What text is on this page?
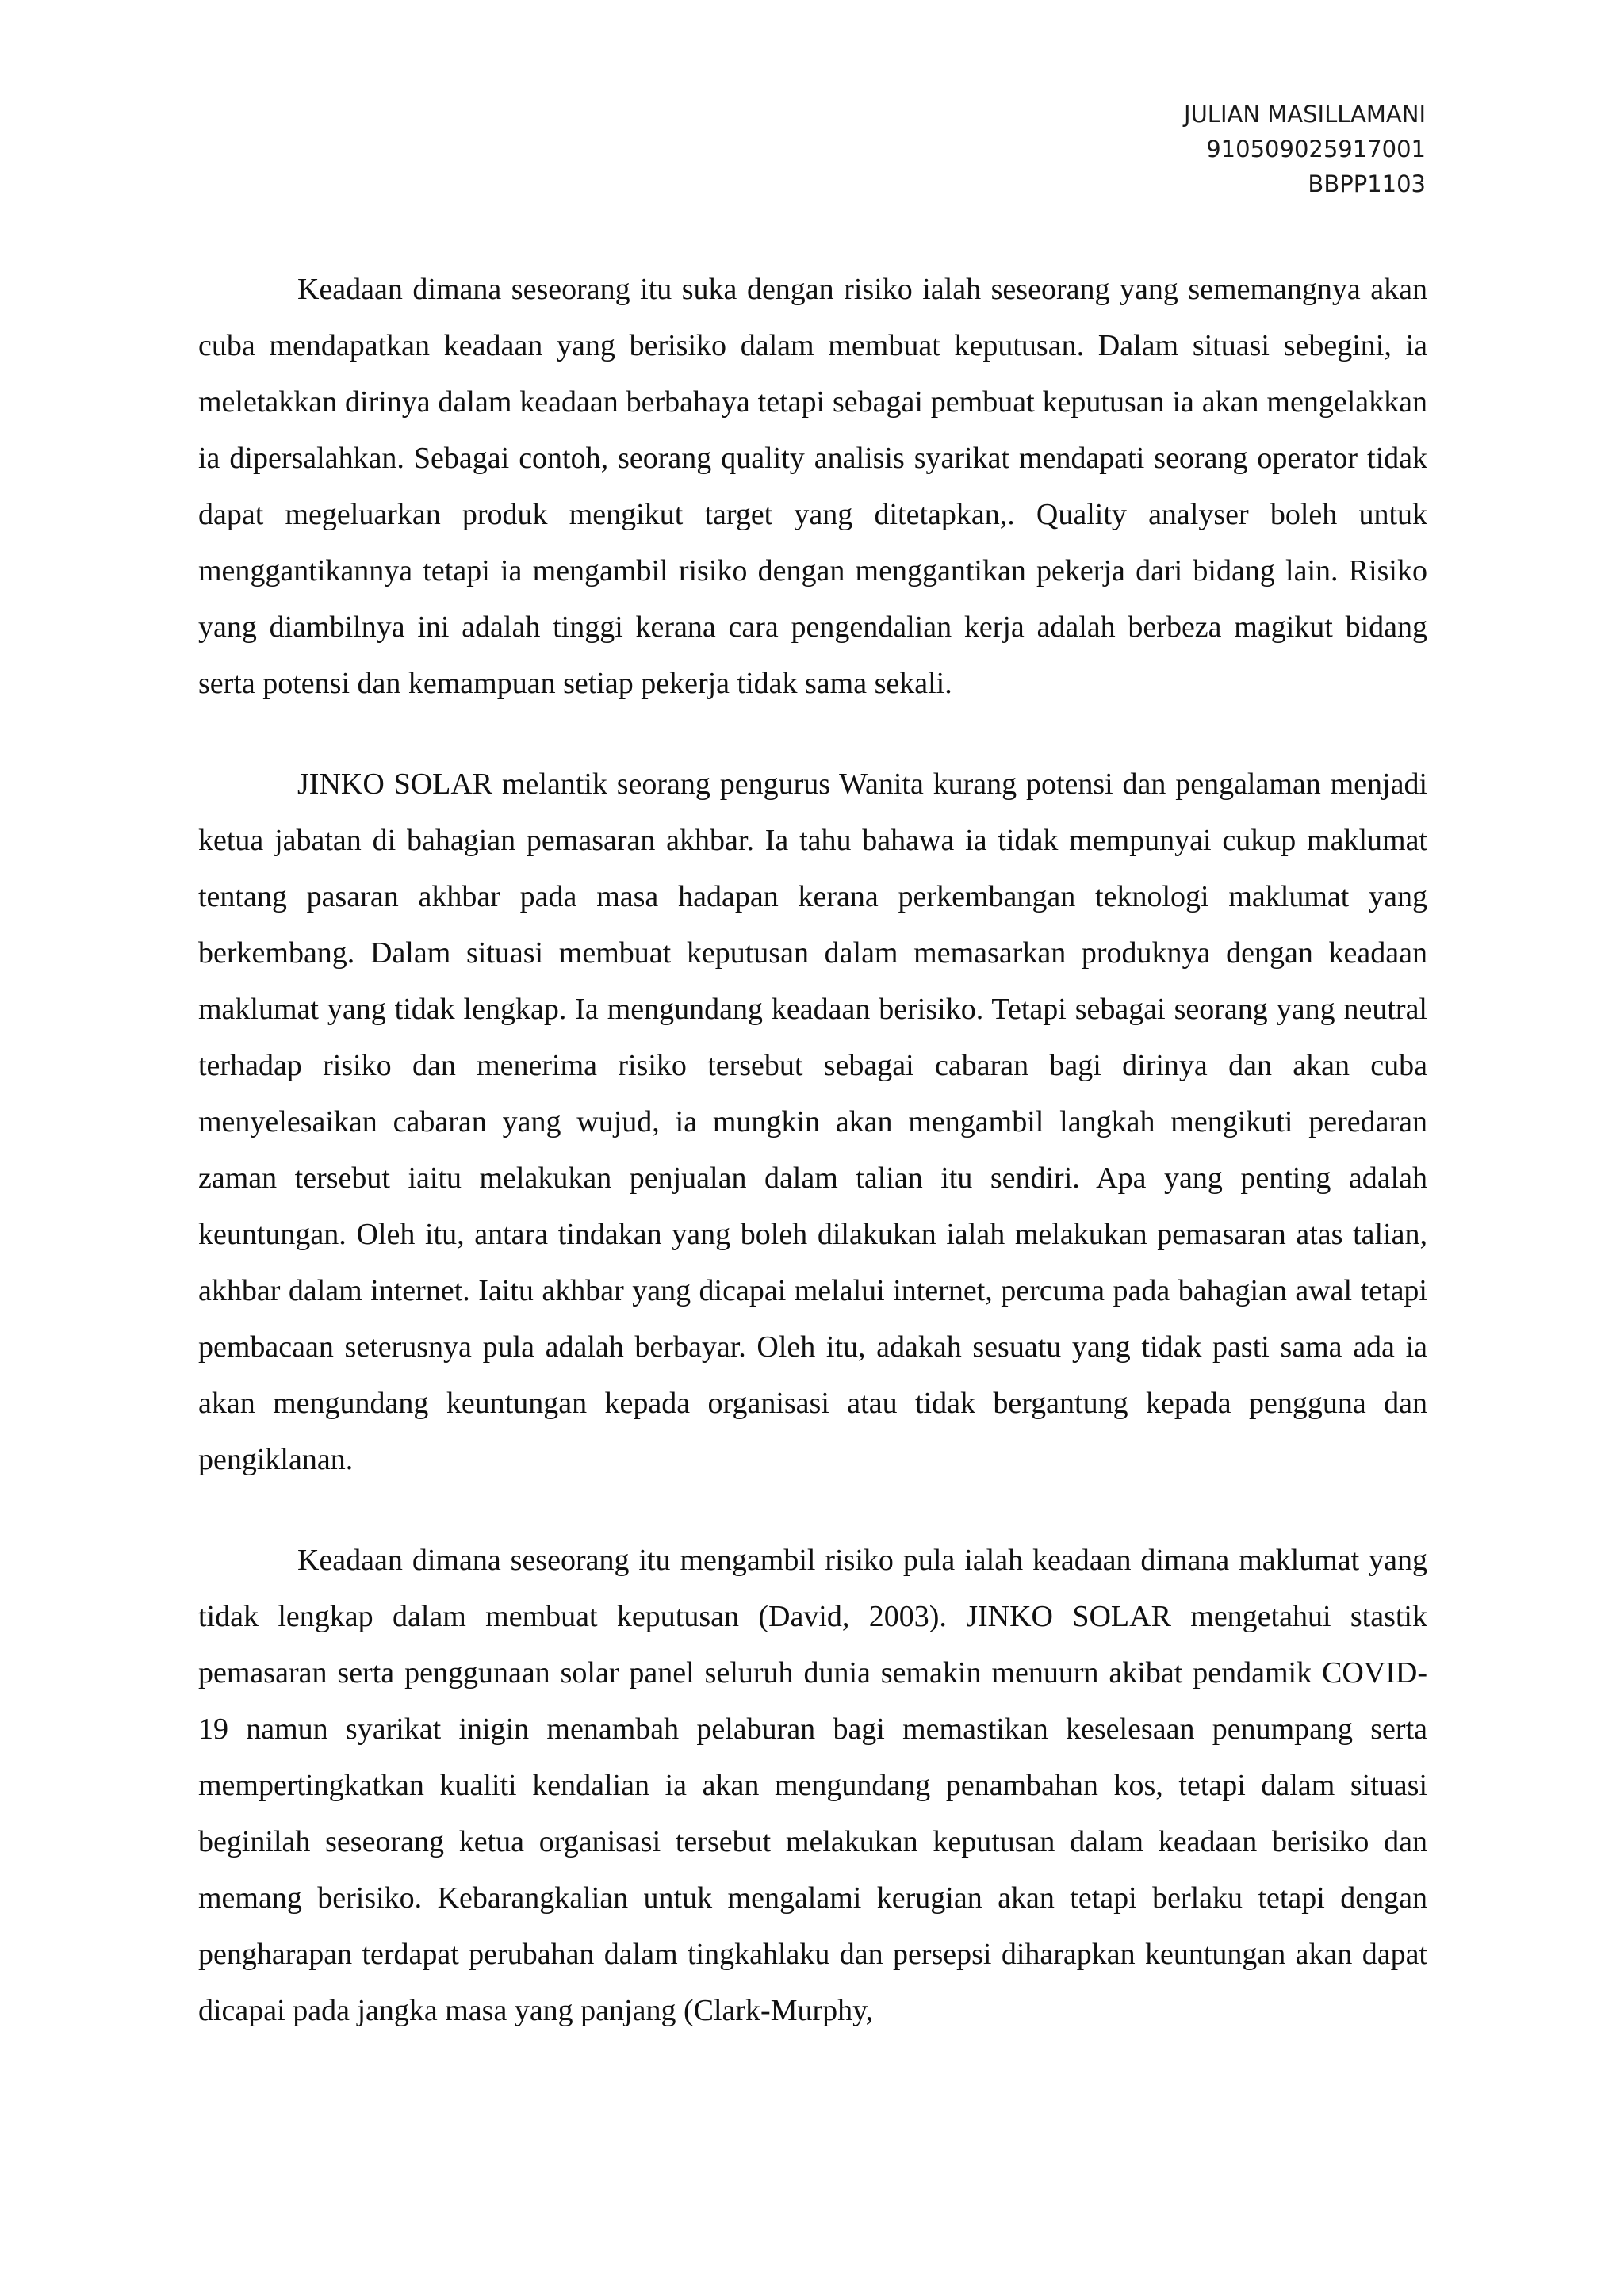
JULIAN MASILLAMANI
910509025917001
BBPP1103

Keadaan dimana seseorang itu suka dengan risiko ialah seseorang yang sememangnya akan cuba mendapatkan keadaan yang berisiko dalam membuat keputusan. Dalam situasi sebegini, ia meletakkan dirinya dalam keadaan berbahaya tetapi sebagai pembuat keputusan ia akan mengelakkan ia dipersalahkan. Sebagai contoh, seorang quality analisis syarikat mendapati seorang operator tidak dapat megeluarkan produk mengikut target yang ditetapkan,. Quality analyser boleh untuk menggantikannya tetapi ia mengambil risiko dengan menggantikan pekerja dari bidang lain. Risiko yang diambilnya ini adalah tinggi kerana cara pengendalian kerja adalah berbeza magikut bidang serta potensi dan kemampuan setiap pekerja tidak sama sekali.

JINKO SOLAR melantik seorang pengurus Wanita kurang potensi dan pengalaman menjadi ketua jabatan di bahagian pemasaran akhbar. Ia tahu bahawa ia tidak mempunyai cukup maklumat tentang pasaran akhbar pada masa hadapan kerana perkembangan teknologi maklumat yang berkembang. Dalam situasi membuat keputusan dalam memasarkan produknya dengan keadaan maklumat yang tidak lengkap. Ia mengundang keadaan berisiko. Tetapi sebagai seorang yang neutral terhadap risiko dan menerima risiko tersebut sebagai cabaran bagi dirinya dan akan cuba menyelesaikan cabaran yang wujud, ia mungkin akan mengambil langkah mengikuti peredaran zaman tersebut iaitu melakukan penjualan dalam talian itu sendiri. Apa yang penting adalah keuntungan. Oleh itu, antara tindakan yang boleh dilakukan ialah melakukan pemasaran atas talian, akhbar dalam internet. Iaitu akhbar yang dicapai melalui internet, percuma pada bahagian awal tetapi pembacaan seterusnya pula adalah berbayar. Oleh itu, adakah sesuatu yang tidak pasti sama ada ia akan mengundang keuntungan kepada organisasi atau tidak bergantung kepada pengguna dan pengiklanan.

Keadaan dimana seseorang itu mengambil risiko pula ialah keadaan dimana maklumat yang tidak lengkap dalam membuat keputusan (David, 2003). JINKO SOLAR mengetahui stastik pemasaran serta penggunaan solar panel seluruh dunia semakin menuurn akibat pendamik COVID-19 namun syarikat inigin menambah pelaburan bagi memastikan keselesaan penumpang serta mempertingkatkan kualiti kendalian ia akan mengundang penambahan kos, tetapi dalam situasi beginilah seseorang ketua organisasi tersebut melakukan keputusan dalam keadaan berisiko dan memang berisiko. Kebarangkalian untuk mengalami kerugian akan tetapi berlaku tetapi dengan pengharapan terdapat perubahan dalam tingkahlaku dan persepsi diharapkan keuntungan akan dapat dicapai pada jangka masa yang panjang (Clark-Murphy,
